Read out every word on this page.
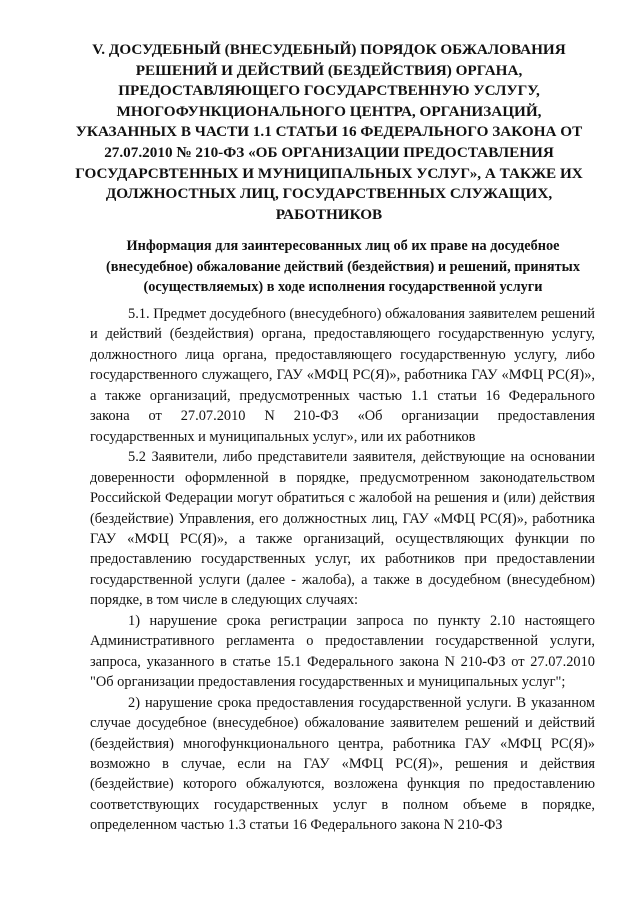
V. ДОСУДЕБНЫЙ (ВНЕСУДЕБНЫЙ) ПОРЯДОК ОБЖАЛОВАНИЯ РЕШЕНИЙ И ДЕЙСТВИЙ (БЕЗДЕЙСТВИЯ) ОРГАНА, ПРЕДОСТАВЛЯЮЩЕГО ГОСУДАРСТВЕННУЮ УСЛУГУ, МНОГОФУНКЦИОНАЛЬНОГО ЦЕНТРА, ОРГАНИЗАЦИЙ, УКАЗАННЫХ В ЧАСТИ 1.1 СТАТЬИ 16 ФЕДЕРАЛЬНОГО ЗАКОНА ОТ 27.07.2010 № 210-ФЗ «ОБ ОРГАНИЗАЦИИ ПРЕДОСТАВЛЕНИЯ ГОСУДАРСВТЕННЫХ И МУНИЦИПАЛЬНЫХ УСЛУГ», А ТАКЖЕ ИХ ДОЛЖНОСТНЫХ ЛИЦ, ГОСУДАРСТВЕННЫХ СЛУЖАЩИХ, РАБОТНИКОВ
Информация для заинтересованных лиц об их праве на досудебное (внесудебное) обжалование действий (бездействия) и решений, принятых (осуществляемых) в ходе исполнения государственной услуги

5.1. Предмет досудебного (внесудебного) обжалования заявителем решений и действий (бездействия) органа, предоставляющего государственную услугу, должностного лица органа, предоставляющего государственную услугу, либо государственного служащего, ГАУ «МФЦ РС(Я)», работника ГАУ «МФЦ РС(Я)», а также организаций, предусмотренных частью 1.1 статьи 16 Федерального закона от 27.07.2010 N 210-ФЗ «Об организации предоставления государственных и муниципальных услуг», или их работников

5.2 Заявители, либо представители заявителя, действующие на основании доверенности оформленной в порядке, предусмотренном законодательством Российской Федерации могут обратиться с жалобой на решения и (или) действия (бездействие) Управления, его должностных лиц, ГАУ «МФЦ РС(Я)», работника ГАУ «МФЦ РС(Я)», а также организаций, осуществляющих функции по предоставлению государственных услуг, их работников при предоставлении государственной услуги (далее - жалоба), а также в досудебном (внесудебном) порядке, в том числе в следующих случаях:

1) нарушение срока регистрации запроса по пункту 2.10 настоящего Административного регламента о предоставлении государственной услуги, запроса, указанного в статье 15.1 Федерального закона N 210-ФЗ от 27.07.2010 "Об организации предоставления государственных и муниципальных услуг";

2) нарушение срока предоставления государственной услуги. В указанном случае досудебное (внесудебное) обжалование заявителем решений и действий (бездействия) многофункционального центра, работника ГАУ «МФЦ РС(Я)» возможно в случае, если на ГАУ «МФЦ РС(Я)», решения и действия (бездействие) которого обжалуются, возложена функция по предоставлению соответствующих государственных услуг в полном объеме в порядке, определенном частью 1.3 статьи 16 Федерального закона N 210-ФЗ
